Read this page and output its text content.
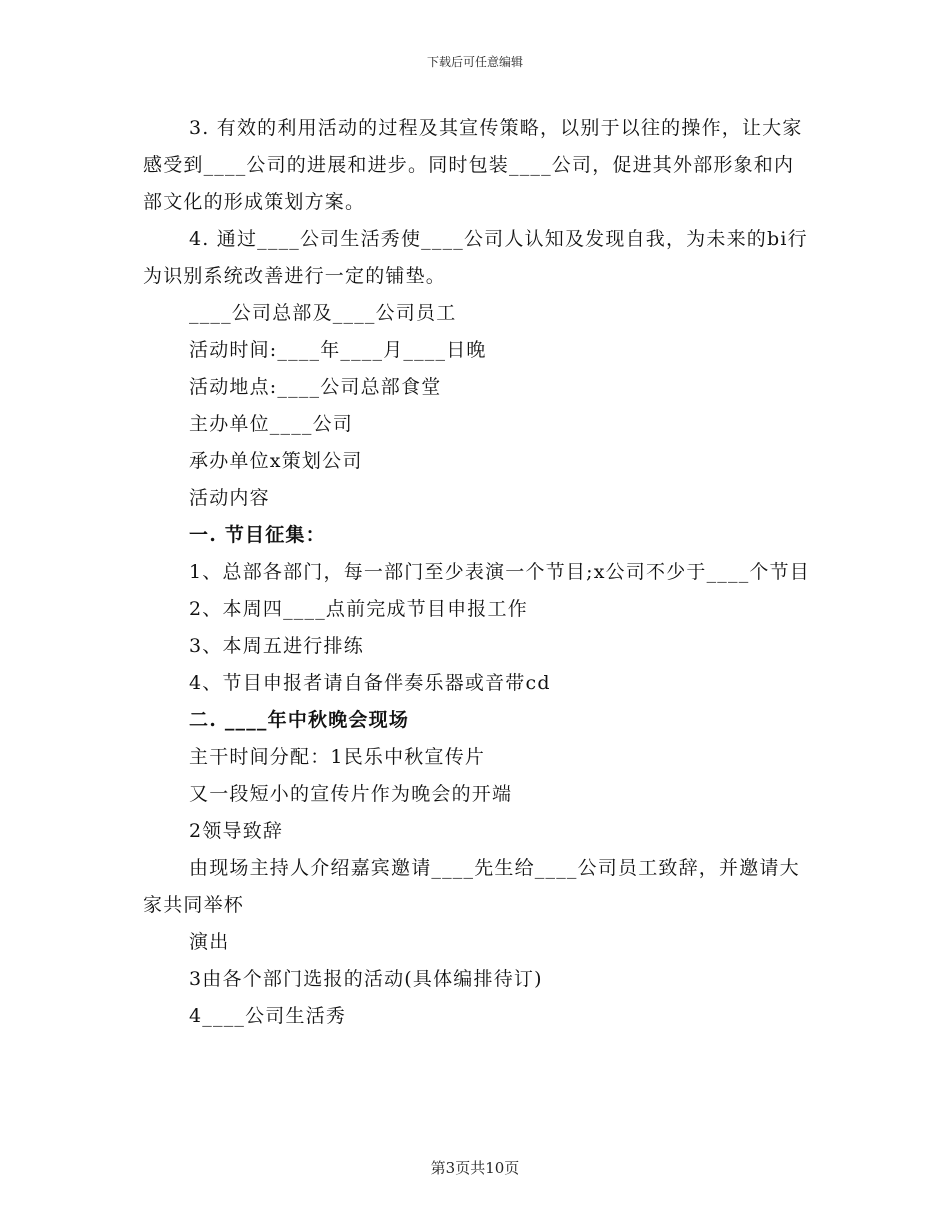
下载后可任意编辑

3. 有效的利用活动的过程及其宣传策略，以别于以往的操作，让大家感受到____公司的进展和进步。同时包装____公司，促进其外部形象和内部文化的形成策划方案。

4. 通过____公司生活秀使____公司人认知及发现自我，为未来的bi行为识别系统改善进行一定的铺垫。

____公司总部及____公司员工

活动时间:____年____月____日晚

活动地点:____公司总部食堂

主办单位____公司

承办单位x策划公司

活动内容

一. 节目征集：

1、总部各部门，每一部门至少表演一个节目;x公司不少于____个节目

2、本周四____点前完成节目申报工作

3、本周五进行排练

4、节目申报者请自备伴奏乐器或音带cd

二. ____年中秋晚会现场

主干时间分配：1民乐中秋宣传片

又一段短小的宣传片作为晚会的开端

2领导致辞

由现场主持人介绍嘉宾邀请____先生给____公司员工致辞，并邀请大家共同举杯

演出

3由各个部门选报的活动(具体编排待订)

4____公司生活秀

第3页共10页
